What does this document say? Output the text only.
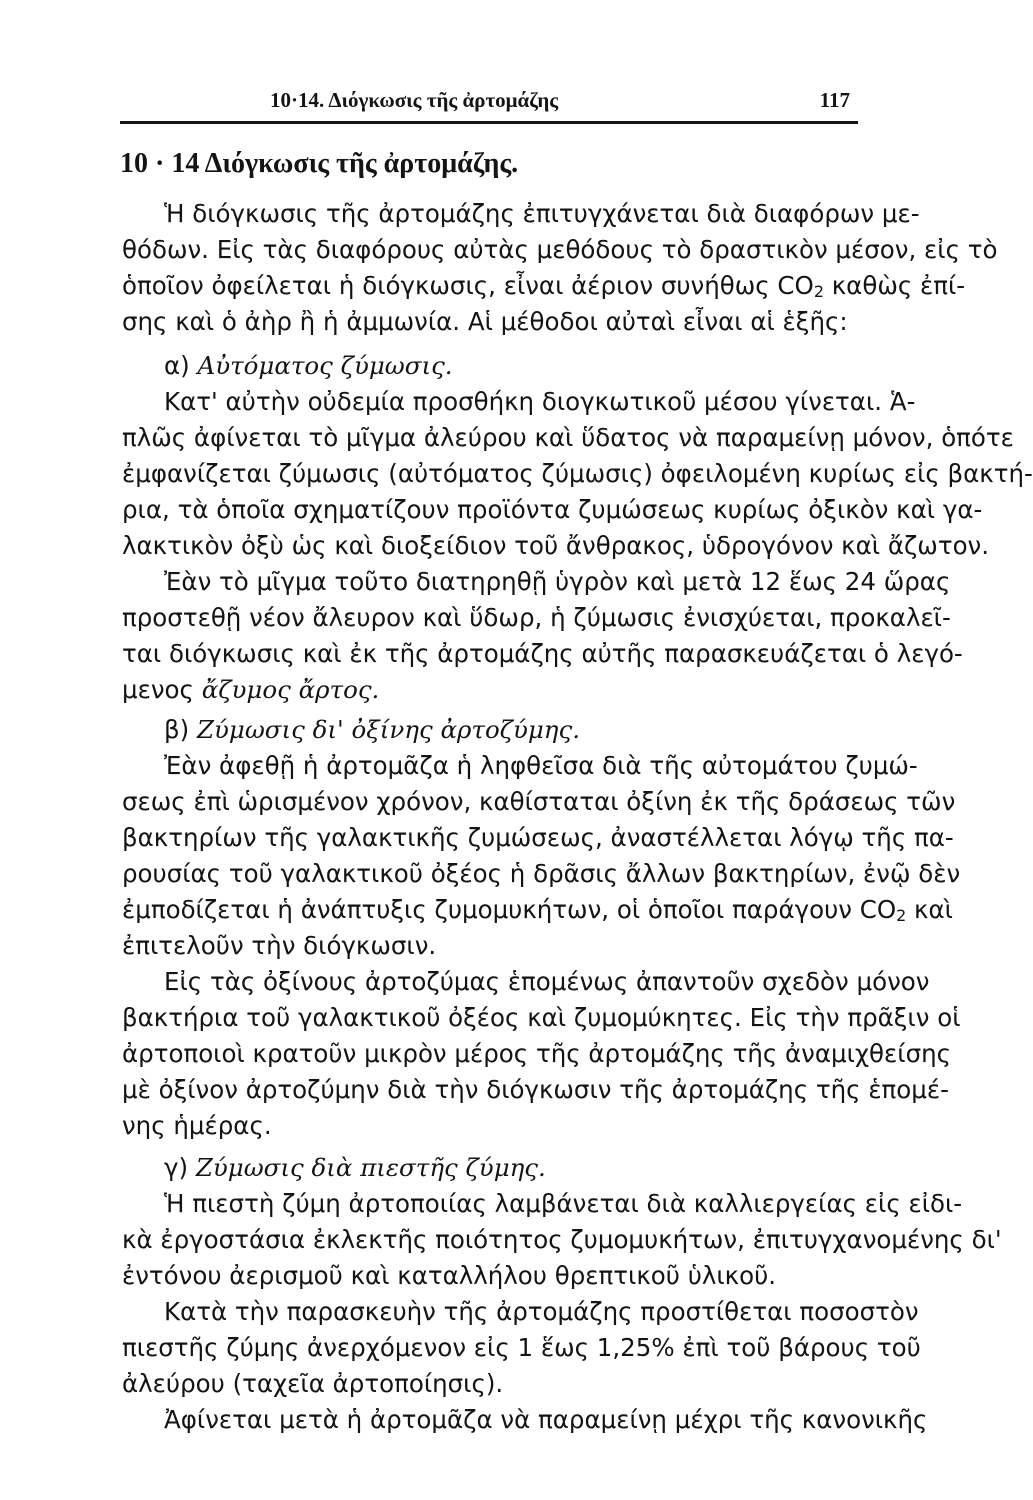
10·14. Διόγκωσις τῆς ἀρτομάζης	117
10 · 14 Διόγκωσις τῆς ἀρτομάζης.
Ἡ διόγκωσις τῆς ἀρτομάζης ἐπιτυγχάνεται διὰ διαφόρων με-
θόδων. Εἰς τὰς διαφόρους αὐτὰς μεθόδους τὸ δραστικὸν μέσον, εἰς τὸ
ὁποῖον ὀφείλεται ἡ διόγκωσις, εἶναι ἀέριον συνήθως $CO_2$ καθὼς ἐπί-
σης καὶ ὁ ἀὴρ ἢ ἡ ἀμμωνία. Αἱ μέθοδοι αὐταὶ εἶναι αἱ ἑξῆς:
α) Αὐτόματος ζύμωσις.
Κατ' αὐτὴν οὐδεμία προσθήκη διογκωτικοῦ μέσου γίνεται. Ἁ-
πλῶς ἀφίνεται τὸ μῖγμα ἀλεύρου καὶ ὕδατος νὰ παραμείνῃ μόνον, ὁπότε
ἐμφανίζεται ζύμωσις (αὐτόματος ζύμωσις) ὀφειλομένη κυρίως εἰς βακτή-
ρια, τὰ ὁποῖα σχηματίζουν προϊόντα ζυμώσεως κυρίως ὀξικὸν καὶ γα-
λακτικὸν ὀξὺ ὡς καὶ διοξείδιον τοῦ ἄνθρακος, ὑδρογόνον καὶ ἄζωτον.
Ἐὰν τὸ μῖγμα τοῦτο διατηρηθῇ ὑγρὸν καὶ μετὰ 12 ἕως 24 ὥρας
προστεθῇ νέον ἄλευρον καὶ ὕδωρ, ἡ ζύμωσις ἐνισχύεται, προκαλεῖ-
ται διόγκωσις καὶ ἐκ τῆς ἀρτομάζης αὐτῆς παρασκευάζεται ὁ λεγό-
μενος ἄζυμος ἄρτος.
β) Ζύμωσις δι' ὀξίνης ἀρτοζύμης.
Ἐὰν ἀφεθῇ ἡ ἀρτομᾶζα ἡ ληφθεῖσα διὰ τῆς αὐτομάτου ζυμώ-
σεως ἐπὶ ὡρισμένον χρόνον, καθίσταται ὀξίνη ἐκ τῆς δράσεως τῶν
βακτηρίων τῆς γαλακτικῆς ζυμώσεως, ἀναστέλλεται λόγῳ τῆς πα-
ρουσίας τοῦ γαλακτικοῦ ὀξέος ἡ δρᾶσις ἄλλων βακτηρίων, ἐνῷ δὲν
ἐμποδίζεται ἡ ἀνάπτυξις ζυμομυκήτων, οἱ ὁποῖοι παράγουν $CO_2$ καὶ
ἐπιτελοῦν τὴν διόγκωσιν.
Εἰς τὰς ὀξίνους ἀρτοζύμας ἑπομένως ἀπαντοῦν σχεδὸν μόνον
βακτήρια τοῦ γαλακτικοῦ ὀξέος καὶ ζυμομύκητες. Εἰς τὴν πρᾶξιν οἱ
ἀρτοποιοὶ κρατοῦν μικρὸν μέρος τῆς ἀρτομάζης τῆς ἀναμιχθείσης
μὲ ὀξίνον ἀρτοζύμην διὰ τὴν διόγκωσιν τῆς ἀρτομάζης τῆς ἑπομέ-
νης ἡμέρας.
γ) Ζύμωσις διὰ πιεστῆς ζύμης.
Ἡ πιεστὴ ζύμη ἀρτοποιίας λαμβάνεται διὰ καλλιεργείας εἰς εἰδι-
κὰ ἐργοστάσια ἐκλεκτῆς ποιότητος ζυμομυκήτων, ἐπιτυγχανομένης δι'
ἐντόνου ἀερισμοῦ καὶ καταλλήλου θρεπτικοῦ ὑλικοῦ.
Κατὰ τὴν παρασκευὴν τῆς ἀρτομάζης προστίθεται ποσοστὸν
πιεστῆς ζύμης ἀνερχόμενον εἰς 1 ἕως 1,25% ἐπὶ τοῦ βάρους τοῦ
ἀλεύρου (ταχεῖα ἀρτοποίησις).
Ἀφίνεται μετὰ ἡ ἀρτομᾶζα νὰ παραμείνῃ μέχρι τῆς κανονικῆς
